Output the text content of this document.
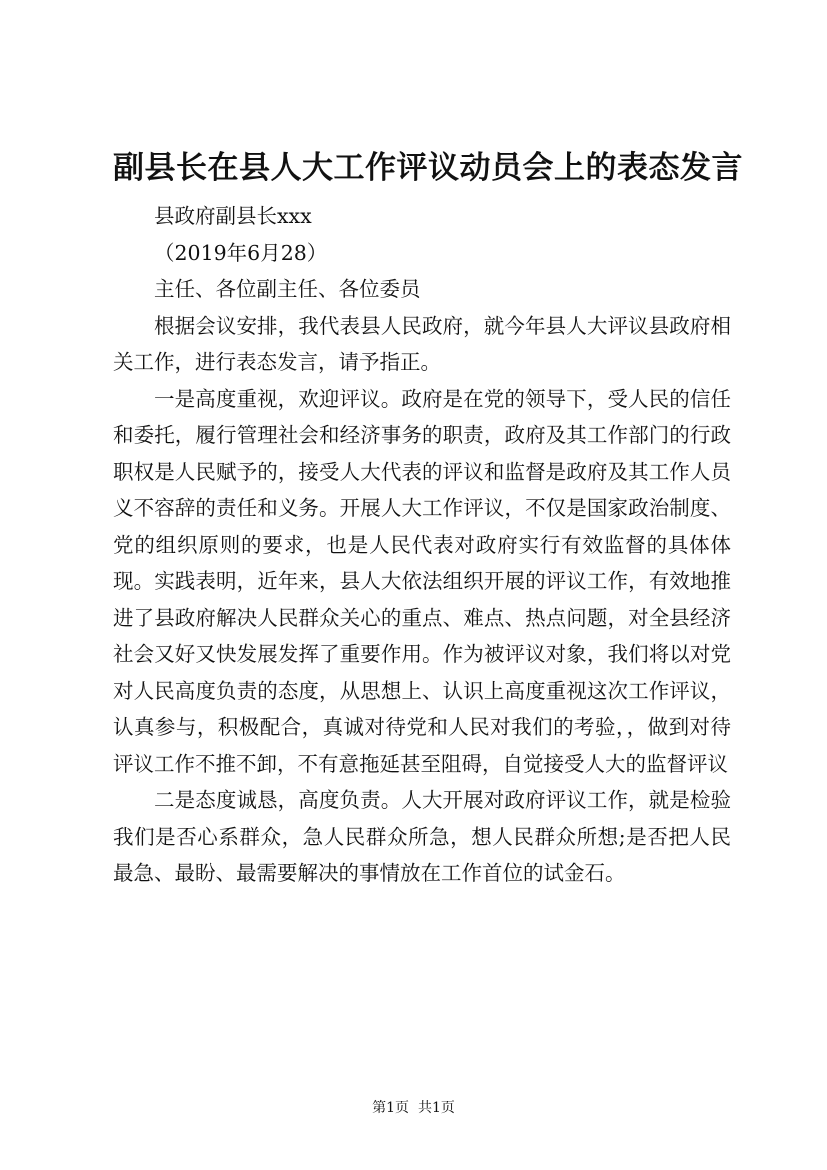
副县长在县人大工作评议动员会上的表态发言

县政府副县长xxx

（2019年6月28）

主任、各位副主任、各位委员

根据会议安排，我代表县人民政府，就今年县人大评议县政府相关工作，进行表态发言，请予指正。

一是高度重视，欢迎评议。政府是在党的领导下，受人民的信任和委托，履行管理社会和经济事务的职责，政府及其工作部门的行政职权是人民赋予的，接受人大代表的评议和监督是政府及其工作人员义不容辞的责任和义务。开展人大工作评议，不仅是国家政治制度、党的组织原则的要求，也是人民代表对政府实行有效监督的具体体现。实践表明，近年来，县人大依法组织开展的评议工作，有效地推进了县政府解决人民群众关心的重点、难点、热点问题，对全县经济社会又好又快发展发挥了重要作用。作为被评议对象，我们将以对党对人民高度负责的态度，从思想上、认识上高度重视这次工作评议，认真参与，积极配合，真诚对待党和人民对我们的考验，，做到对待评议工作不推不卸，不有意拖延甚至阻碍，自觉接受人大的监督评议

二是态度诚恳，高度负责。人大开展对政府评议工作，就是检验我们是否心系群众，急人民群众所急，想人民群众所想;是否把人民最急、最盼、最需要解决的事情放在工作首位的试金石。

第1页  共1页
